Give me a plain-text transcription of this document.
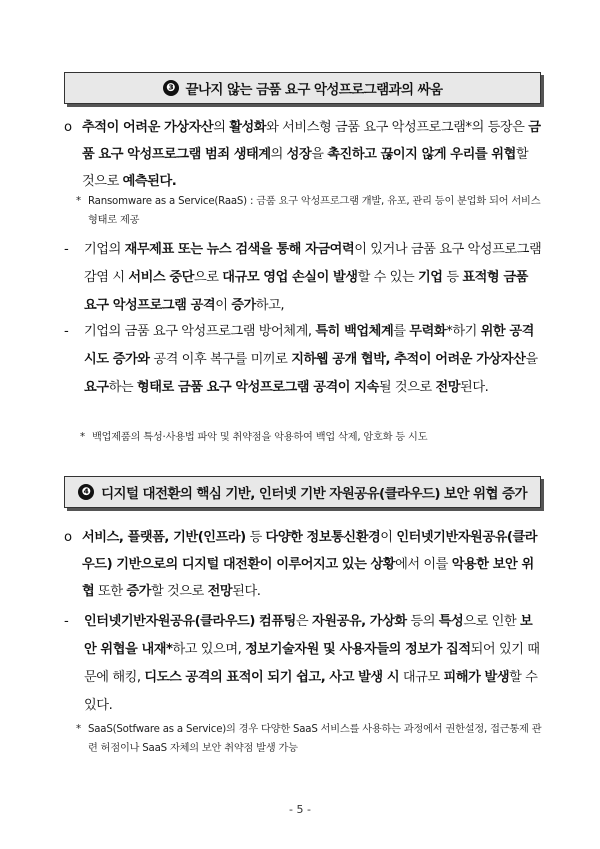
❸ 끝나지 않는 금품 요구 악성프로그램과의 싸움
o 추적이 어려운 가상자산의 활성화와 서비스형 금품 요구 악성프로그램*의 등장은 금품 요구 악성프로그램 범죄 생태계의 성장을 촉진하고 끊이지 않게 우리를 위협할 것으로 예측된다.
* Ransomware as a Service(RaaS) : 금품 요구 악성프로그램 개발, 유포, 관리 등이 분업화 되어 서비스 형태로 제공
- 기업의 재무제표 또는 뉴스 검색을 통해 자금여력이 있거나 금품 요구 악성프로그램 감염 시 서비스 중단으로 대규모 영업 손실이 발생할 수 있는 기업 등 표적형 금품 요구 악성프로그램 공격이 증가하고,
- 기업의 금품 요구 악성프로그램 방어체계, 특히 백업체계를 무력화*하기 위한 공격 시도 증가와 공격 이후 복구를 미끼로 지하웹 공개 협박, 추적이 어려운 가상자산을 요구하는 형태로 금품 요구 악성프로그램 공격이 지속될 것으로 전망된다.
* 백업제품의 특성·사용법 파악 및 취약점을 악용하여 백업 삭제, 암호화 등 시도
❹ 디지털 대전환의 핵심 기반, 인터넷 기반 자원공유(클라우드) 보안 위협 증가
o 서비스, 플랫폼, 기반(인프라) 등 다양한 정보통신환경이 인터넷기반자원공유(클라우드) 기반으로의 디지털 대전환이 이루어지고 있는 상황에서 이를 악용한 보안 위협 또한 증가할 것으로 전망된다.
- 인터넷기반자원공유(클라우드) 컴퓨팅은 자원공유, 가상화 등의 특성으로 인한 보안 위협을 내재*하고 있으며, 정보기술자원 및 사용자들의 정보가 집적되어 있기 때문에 해킹, 디도스 공격의 표적이 되기 쉽고, 사고 발생 시 대규모 피해가 발생할 수 있다.
* SaaS(Sotfware as a Service)의 경우 다양한 SaaS 서비스를 사용하는 과정에서 권한설정, 접근통제 관련 허점이나 SaaS 자체의 보안 취약점 발생 가능
- 5 -
